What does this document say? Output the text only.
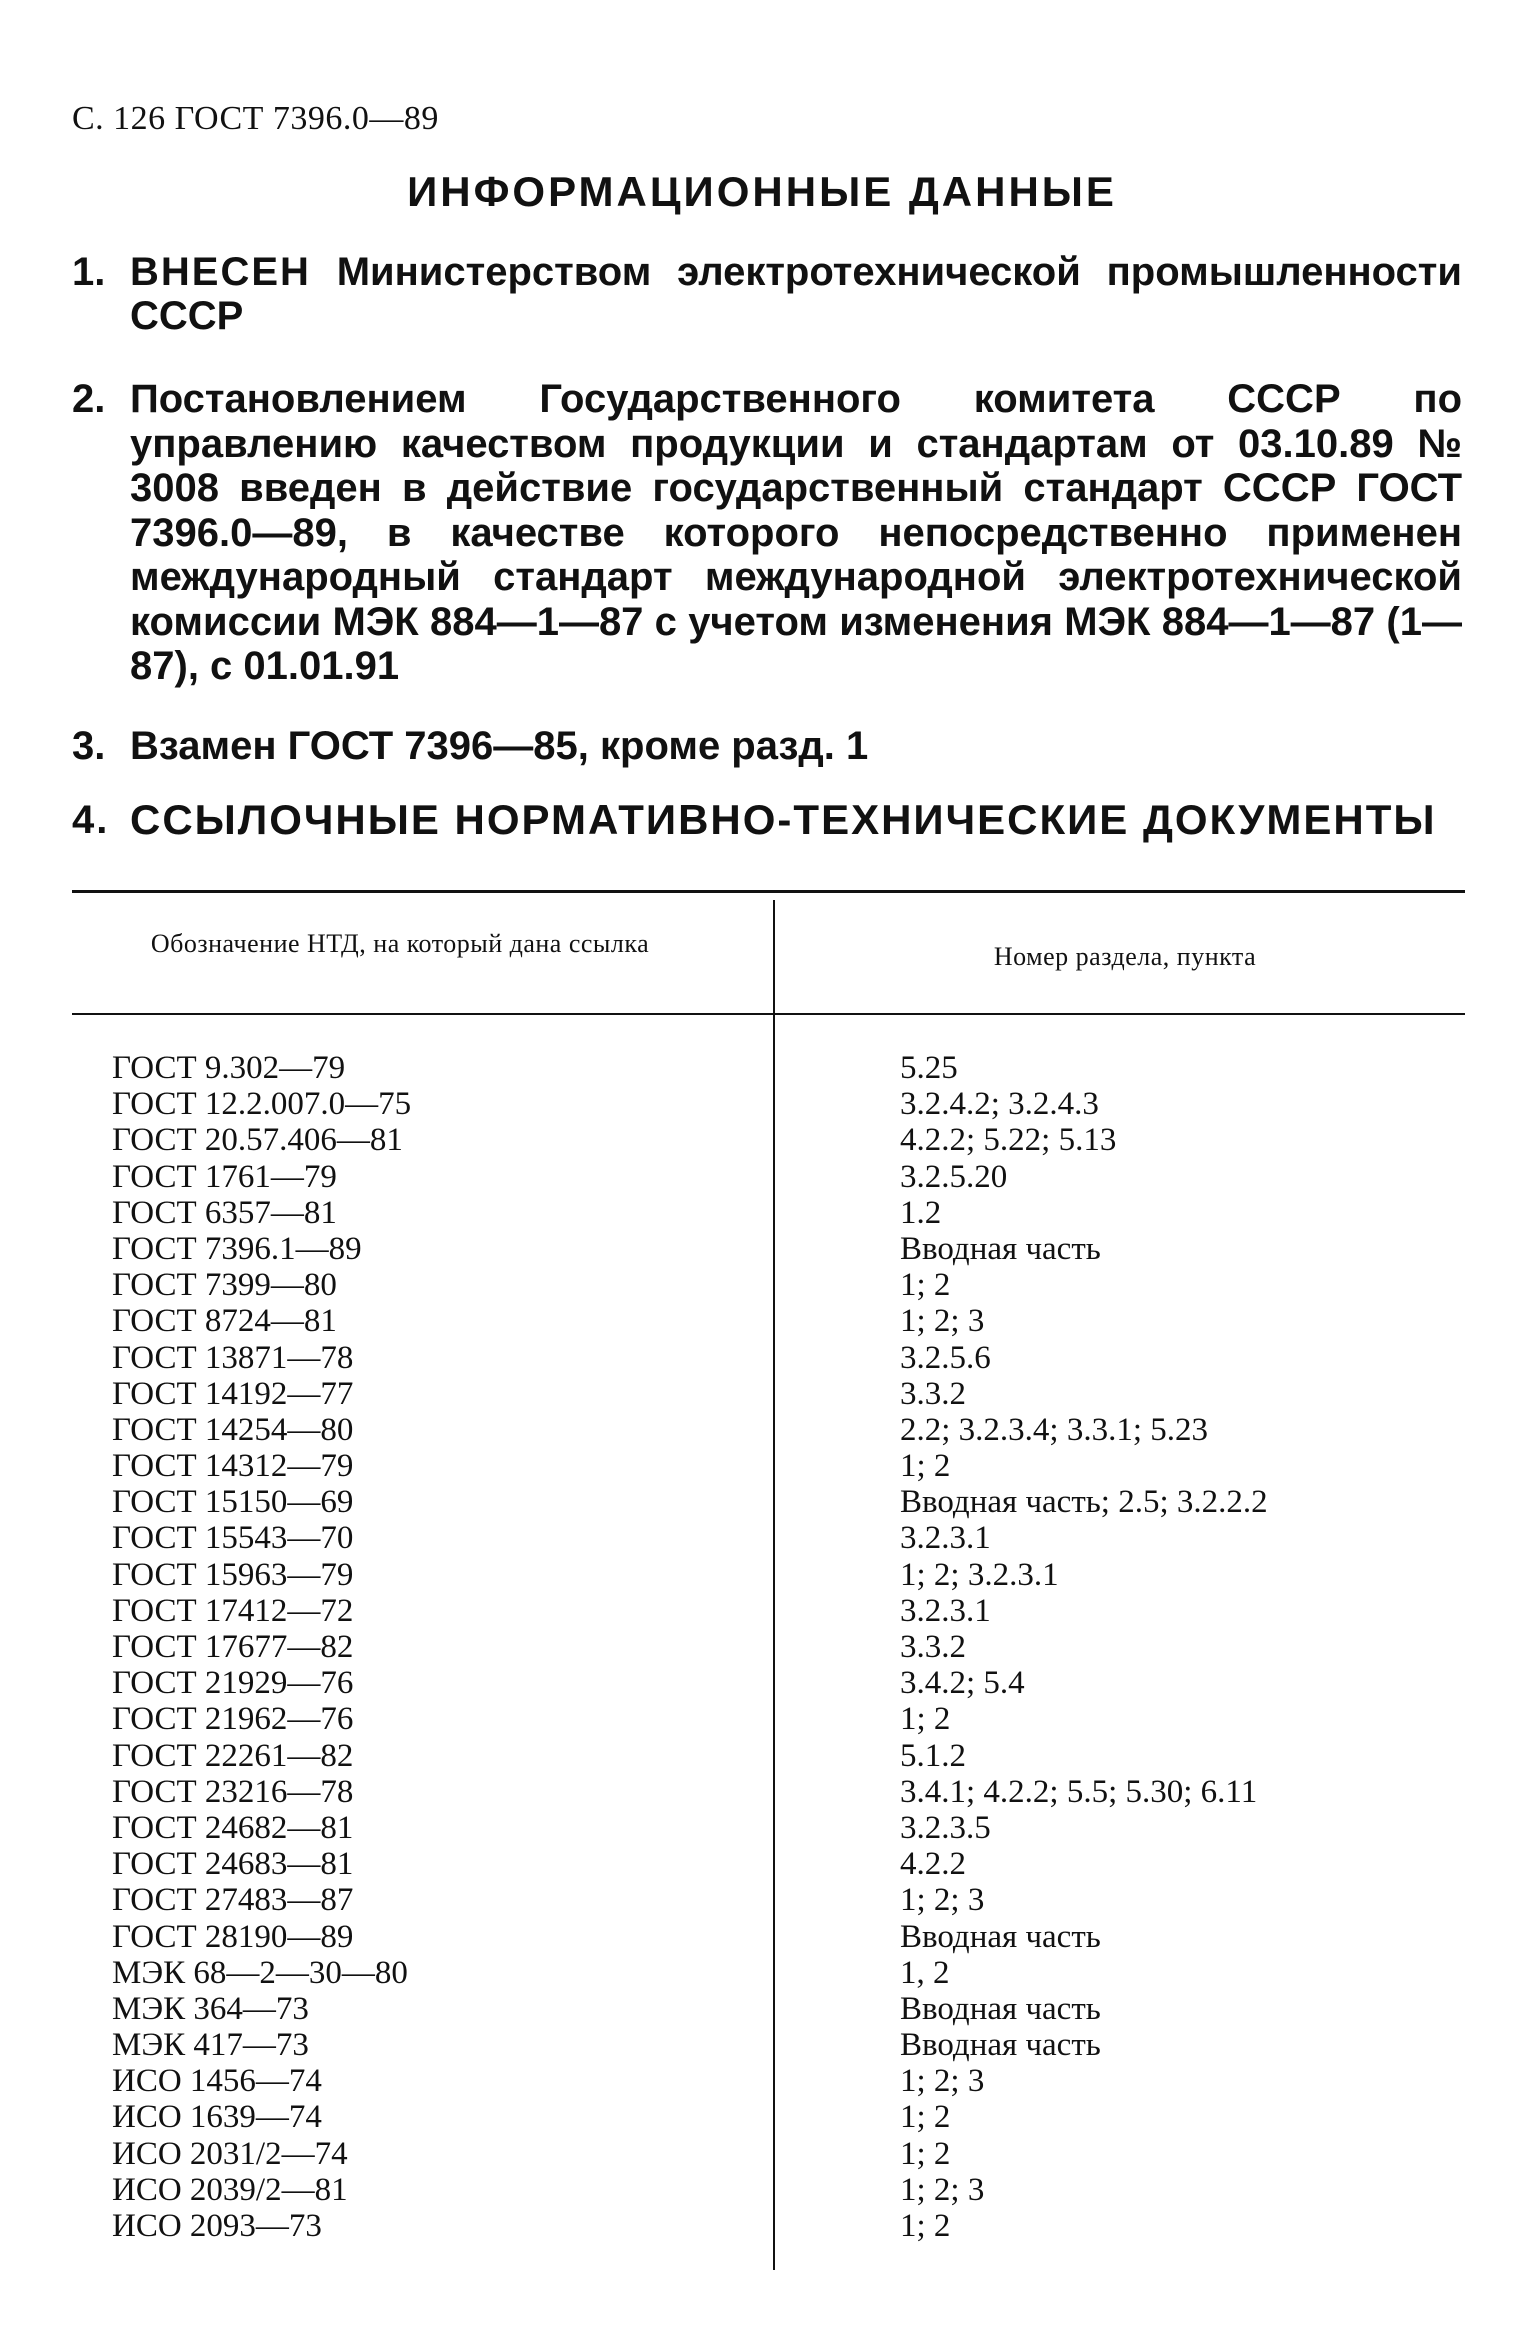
С. 126 ГОСТ 7396.0—89
ИНФОРМАЦИОННЫЕ ДАННЫЕ
1. ВНЕСЕН Министерством электротехнической промышленности СССР
2. Постановлением Государственного комитета СССР по управлению качеством продукции и стандартам от 03.10.89 № 3008 введен в действие государственный стандарт СССР ГОСТ 7396.0—89, в качестве которого непосредственно применен международный стандарт международной электротехнической комиссии МЭК 884—1—87 с учетом изменения МЭК 884—1—87 (1—87), с 01.01.91
3. Взамен ГОСТ 7396—85, кроме разд. 1
4. ССЫЛОЧНЫЕ НОРМАТИВНО-ТЕХНИЧЕСКИЕ ДОКУМЕНТЫ
Обозначение НТД, на который дана ссылка	Номер раздела, пункта
ГОСТ 9.302—79
ГОСТ 12.2.007.0—75
ГОСТ 20.57.406—81
ГОСТ 1761—79
ГОСТ 6357—81
ГОСТ 7396.1—89
ГОСТ 7399—80
ГОСТ 8724—81
ГОСТ 13871—78
ГОСТ 14192—77
ГОСТ 14254—80
ГОСТ 14312—79
ГОСТ 15150—69
ГОСТ 15543—70
ГОСТ 15963—79
ГОСТ 17412—72
ГОСТ 17677—82
ГОСТ 21929—76
ГОСТ 21962—76
ГОСТ 22261—82
ГОСТ 23216—78
ГОСТ 24682—81
ГОСТ 24683—81
ГОСТ 27483—87
ГОСТ 28190—89
МЭК 68—2—30—80
МЭК 364—73
МЭК 417—73
ИСО 1456—74
ИСО 1639—74
ИСО 2031/2—74
ИСО 2039/2—81
ИСО 2093—73
5.25
3.2.4.2; 3.2.4.3
4.2.2; 5.22; 5.13
3.2.5.20
1.2
Вводная часть
1; 2
1; 2; 3
3.2.5.6
3.3.2
2.2; 3.2.3.4; 3.3.1; 5.23
1; 2
Вводная часть; 2.5; 3.2.2.2
3.2.3.1
1; 2; 3.2.3.1
3.2.3.1
3.3.2
3.4.2; 5.4
1; 2
5.1.2
3.4.1; 4.2.2; 5.5; 5.30; 6.11
3.2.3.5
4.2.2
1; 2; 3
Вводная часть
1, 2
Вводная часть
Вводная часть
1; 2; 3
1; 2
1; 2
1; 2; 3
1; 2
